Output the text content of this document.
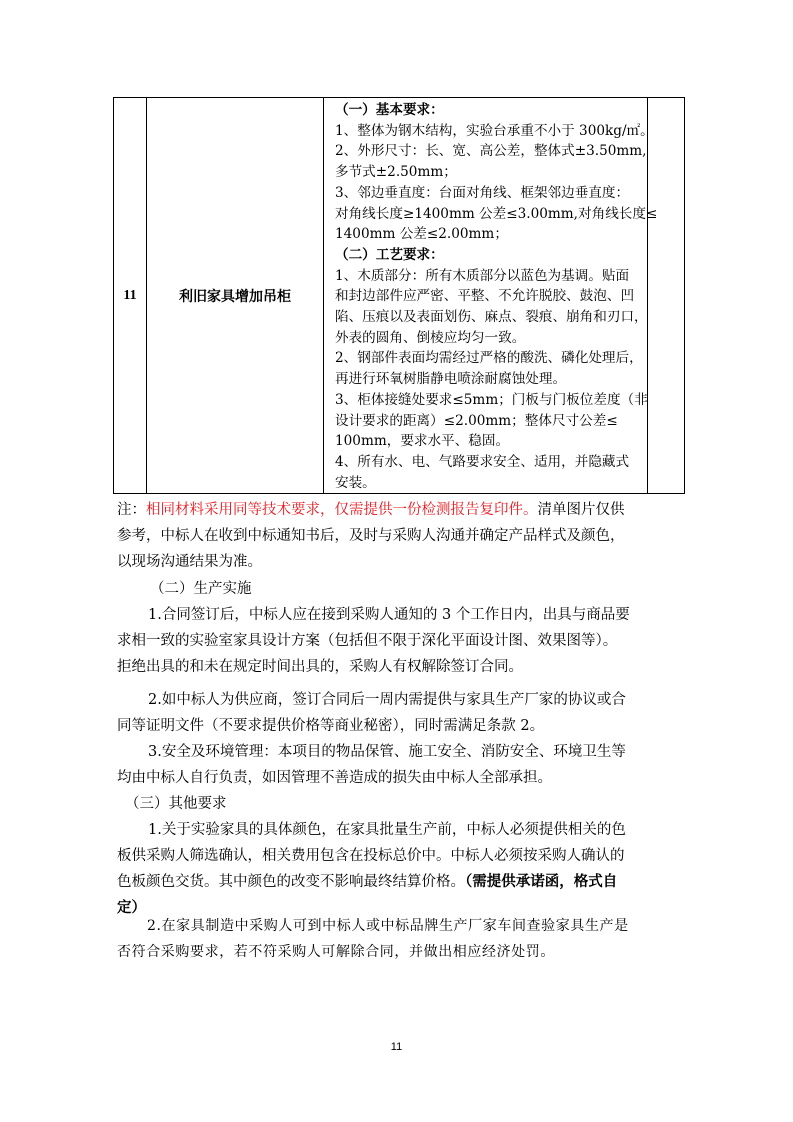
11	利旧家具增加吊柜	
（一）基本要求：
1、整体为钢木结构，实验台承重不小于 300kg/㎡。
2、外形尺寸：长、宽、高公差，整体式±3.50mm,
多节式±2.50mm；
3、邻边垂直度：台面对角线、框架邻边垂直度：
对角线长度≥1400mm 公差≤3.00mm,对角线长度≤
1400mm 公差≤2.00mm；
（二）工艺要求：
1、木质部分：所有木质部分以蓝色为基调。贴面
和封边部件应严密、平整、不允许脱胶、鼓泡、凹
陷、压痕以及表面划伤、麻点、裂痕、崩角和刃口，
外表的圆角、倒棱应均匀一致。
2、钢部件表面均需经过严格的酸洗、磷化处理后，
再进行环氧树脂静电喷涂耐腐蚀处理。
3、柜体接缝处要求≤5mm；门板与门板位差度（非
设计要求的距离）≤2.00mm；整体尺寸公差≤
100mm，要求水平、稳固。
4、所有水、电、气路要求安全、适用，并隐藏式
安装。

注：相同材料采用同等技术要求，仅需提供一份检测报告复印件。清单图片仅供
参考，中标人在收到中标通知书后，及时与采购人沟通并确定产品样式及颜色，
以现场沟通结果为准。
（二）生产实施
1.合同签订后，中标人应在接到采购人通知的 3 个工作日内，出具与商品要
求相一致的实验室家具设计方案（包括但不限于深化平面设计图、效果图等）。
拒绝出具的和未在规定时间出具的，采购人有权解除签订合同。
2.如中标人为供应商，签订合同后一周内需提供与家具生产厂家的协议或合
同等证明文件（不要求提供价格等商业秘密），同时需满足条款 2。
3.安全及环境管理：本项目的物品保管、施工安全、消防安全、环境卫生等
均由中标人自行负责，如因管理不善造成的损失由中标人全部承担。
（三）其他要求
1.关于实验家具的具体颜色，在家具批量生产前，中标人必须提供相关的色
板供采购人筛选确认，相关费用包含在投标总价中。中标人必须按采购人确认的
色板颜色交货。其中颜色的改变不影响最终结算价格。（需提供承诺函，格式自
定）
2.在家具制造中采购人可到中标人或中标品牌生产厂家车间查验家具生产是
否符合采购要求，若不符采购人可解除合同，并做出相应经济处罚。
11
